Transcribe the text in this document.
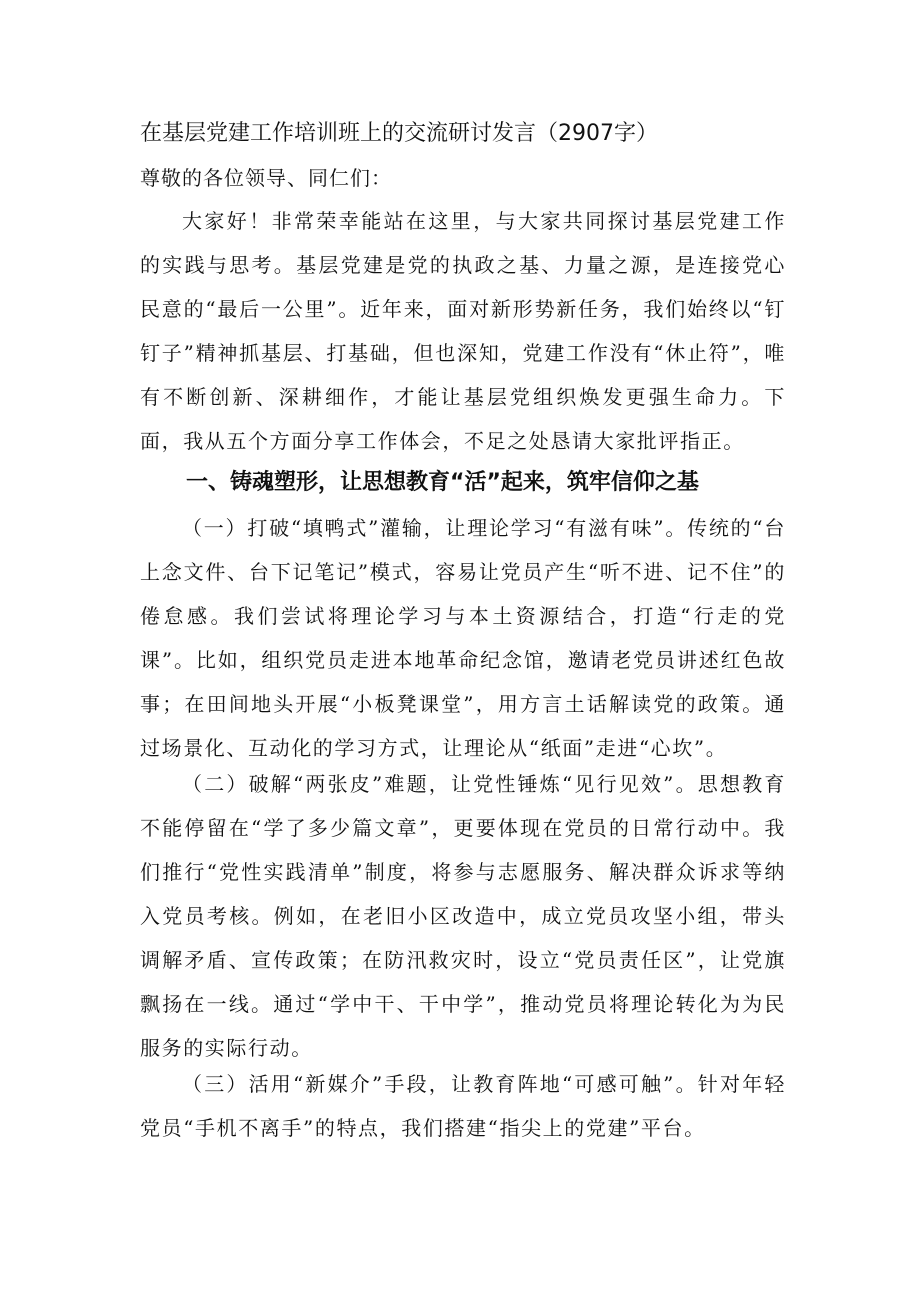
在基层党建工作培训班上的交流研讨发言（2907字）

尊敬的各位领导、同仁们：

大家好！非常荣幸能站在这里，与大家共同探讨基层党建工作的实践与思考。基层党建是党的执政之基、力量之源，是连接党心民意的“最后一公里”。近年来，面对新形势新任务，我们始终以“钉钉子”精神抓基层、打基础，但也深知，党建工作没有“休止符”，唯有不断创新、深耕细作，才能让基层党组织焕发更强生命力。下面，我从五个方面分享工作体会，不足之处恳请大家批评指正。

一、铸魂塑形，让思想教育“活”起来，筑牢信仰之基

（一）打破“填鸭式”灌输，让理论学习“有滋有味”。传统的“台上念文件、台下记笔记”模式，容易让党员产生“听不进、记不住”的倦怠感。我们尝试将理论学习与本土资源结合，打造“行走的党课”。比如，组织党员走进本地革命纪念馆，邀请老党员讲述红色故事；在田间地头开展“小板凳课堂”，用方言土话解读党的政策。通过场景化、互动化的学习方式，让理论从“纸面”走进“心坎”。

（二）破解“两张皮”难题，让党性锤炼“见行见效”。思想教育不能停留在“学了多少篇文章”，更要体现在党员的日常行动中。我们推行“党性实践清单”制度，将参与志愿服务、解决群众诉求等纳入党员考核。例如，在老旧小区改造中，成立党员攻坚小组，带头调解矛盾、宣传政策；在防汛救灾时，设立“党员责任区”，让党旗飘扬在一线。通过“学中干、干中学”，推动党员将理论转化为为民服务的实际行动。

（三）活用“新媒介”手段，让教育阵地“可感可触”。针对年轻党员“手机不离手”的特点，我们搭建“指尖上的党建”平台。
